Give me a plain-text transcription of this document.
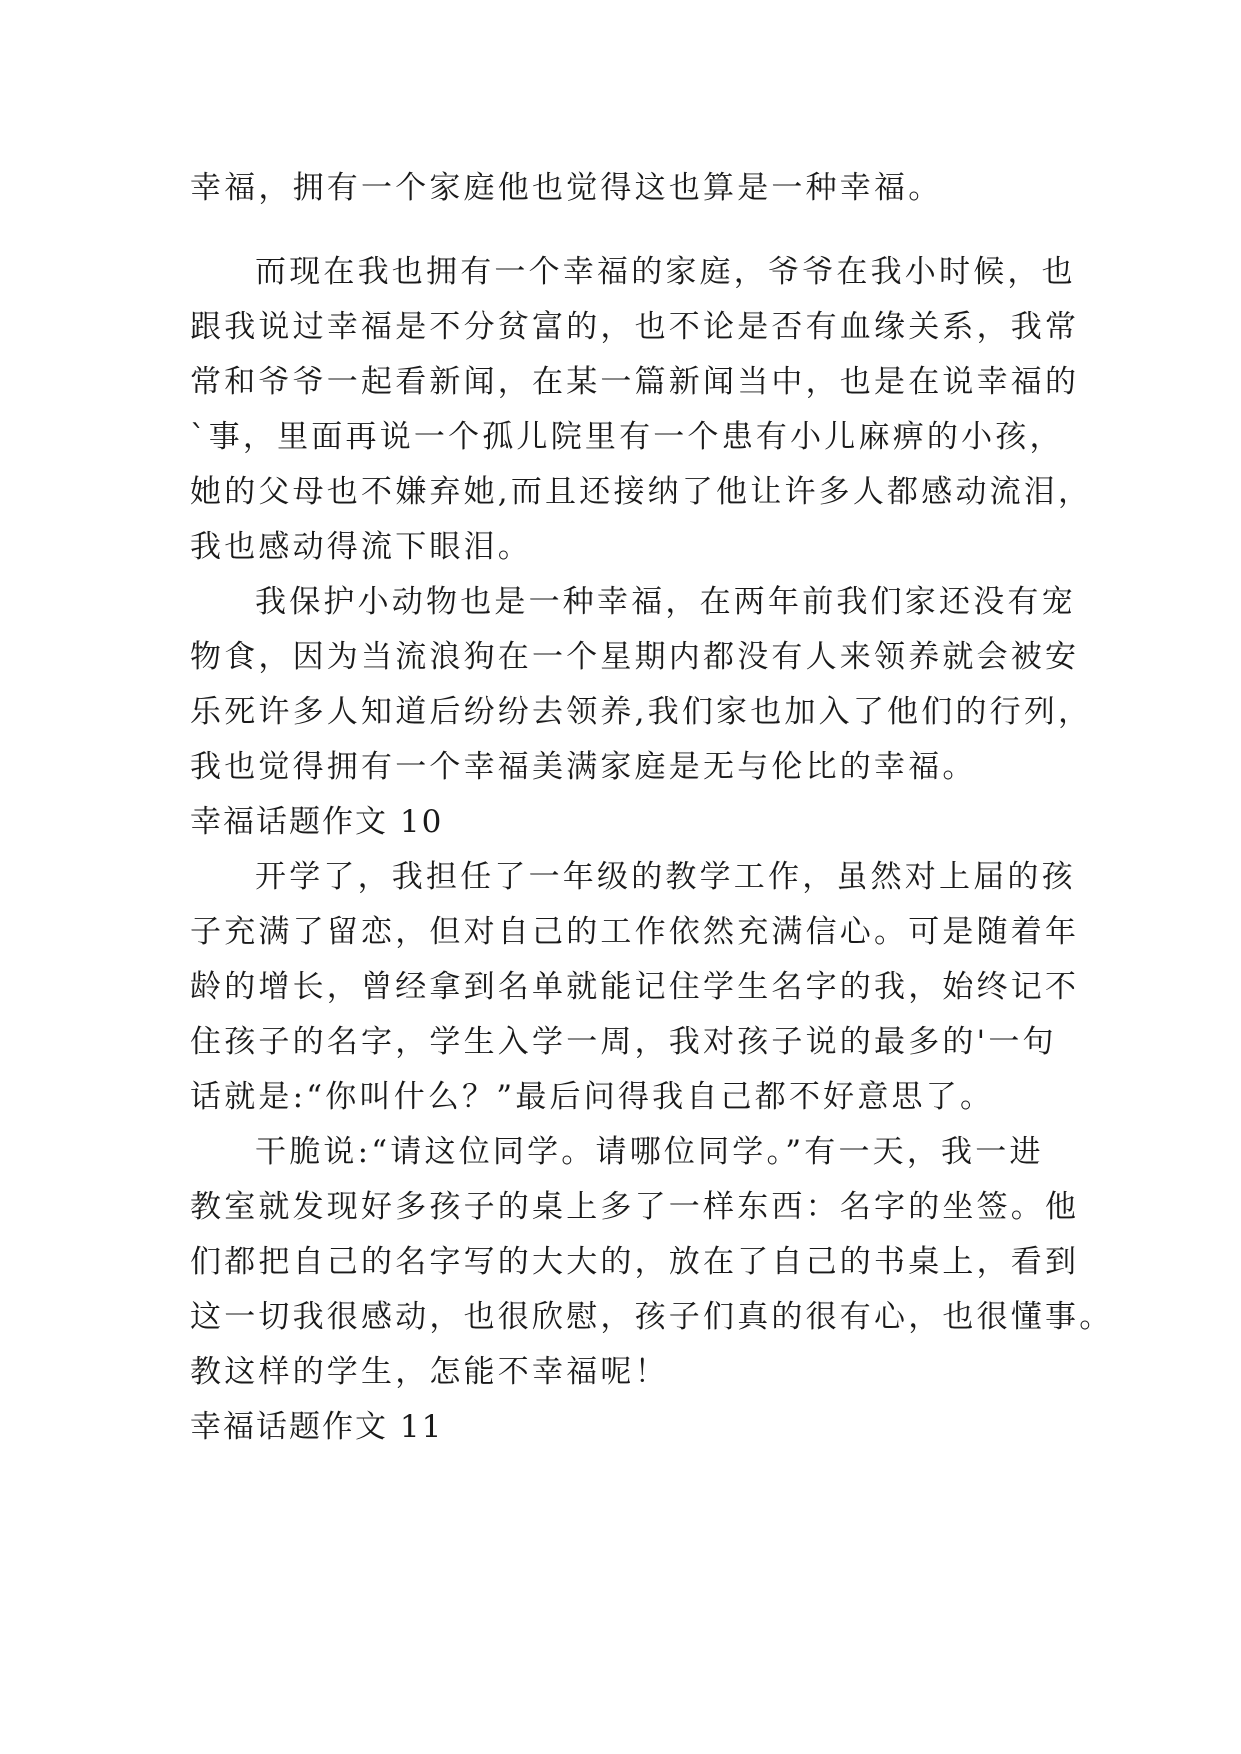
幸福，拥有一个家庭他也觉得这也算是一种幸福。
而现在我也拥有一个幸福的家庭，爷爷在我小时候，也
跟我说过幸福是不分贫富的，也不论是否有血缘关系，我常
常和爷爷一起看新闻，在某一篇新闻当中，也是在说幸福的
`事，里面再说一个孤儿院里有一个患有小儿麻痹的小孩，
她的父母也不嫌弃她,而且还接纳了他让许多人都感动流泪，
我也感动得流下眼泪。
我保护小动物也是一种幸福，在两年前我们家还没有宠
物食，因为当流浪狗在一个星期内都没有人来领养就会被安
乐死许多人知道后纷纷去领养,我们家也加入了他们的行列，
我也觉得拥有一个幸福美满家庭是无与伦比的幸福。
幸福话题作文 10
开学了，我担任了一年级的教学工作，虽然对上届的孩
子充满了留恋，但对自己的工作依然充满信心。可是随着年
龄的增长，曾经拿到名单就能记住学生名字的我，始终记不
住孩子的名字，学生入学一周，我对孩子说的最多的'一句
话就是:“你叫什么？”最后问得我自己都不好意思了。
干脆说:“请这位同学。请哪位同学。”有一天，我一进
教室就发现好多孩子的桌上多了一样东西：名字的坐签。他
们都把自己的名字写的大大的，放在了自己的书桌上，看到
这一切我很感动，也很欣慰，孩子们真的很有心，也很懂事。
教这样的学生，怎能不幸福呢！
幸福话题作文 11
